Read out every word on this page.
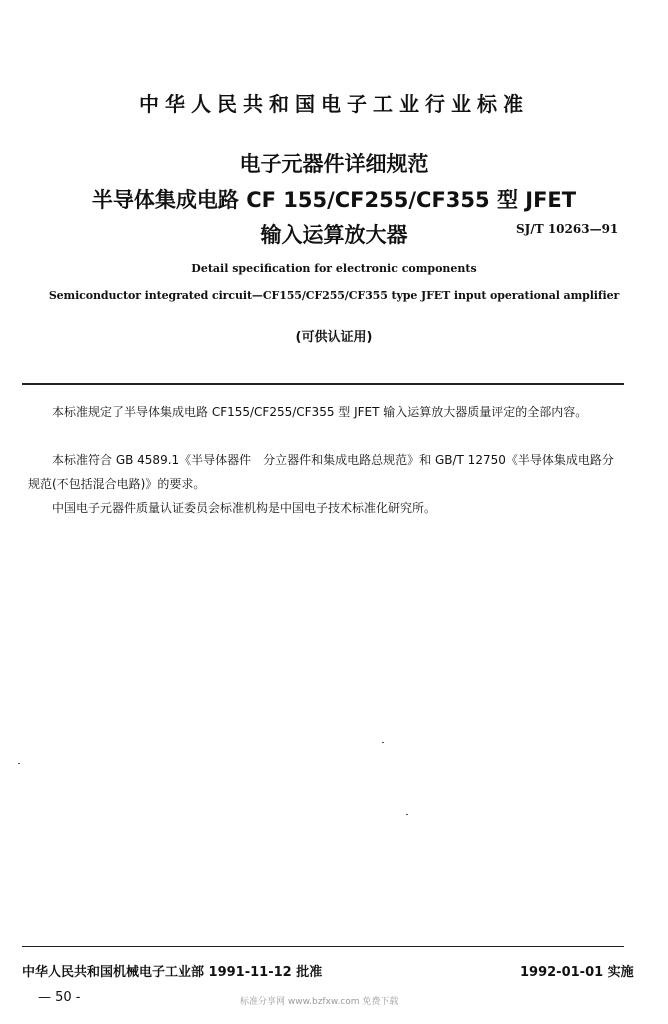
中华人民共和国电子工业行业标准
电子元器件详细规范
半导体集成电路 CF 155/CF255/CF355 型 JFET
输入运算放大器	SJ/T 10263—91
Detail specification for electronic components
Semiconductor integrated circuit—CF155/CF255/CF355 type JFET input operational amplifier
(可供认证用)
本标准规定了半导体集成电路 CF155/CF255/CF355 型 JFET 输入运算放大器质量评定的全部内容。
本标准符合 GB 4589.1《半导体器件　分立器件和集成电路总规范》和 GB/T 12750《半导体集成电路分规范(不包括混合电路)》的要求。
中国电子元器件质量认证委员会标准机构是中国电子技术标准化研究所。
中华人民共和国机械电子工业部 1991-11-12 批准	1992-01-01 实施
— 50 -	标准分享网 www.bzfxw.com 免费下载
